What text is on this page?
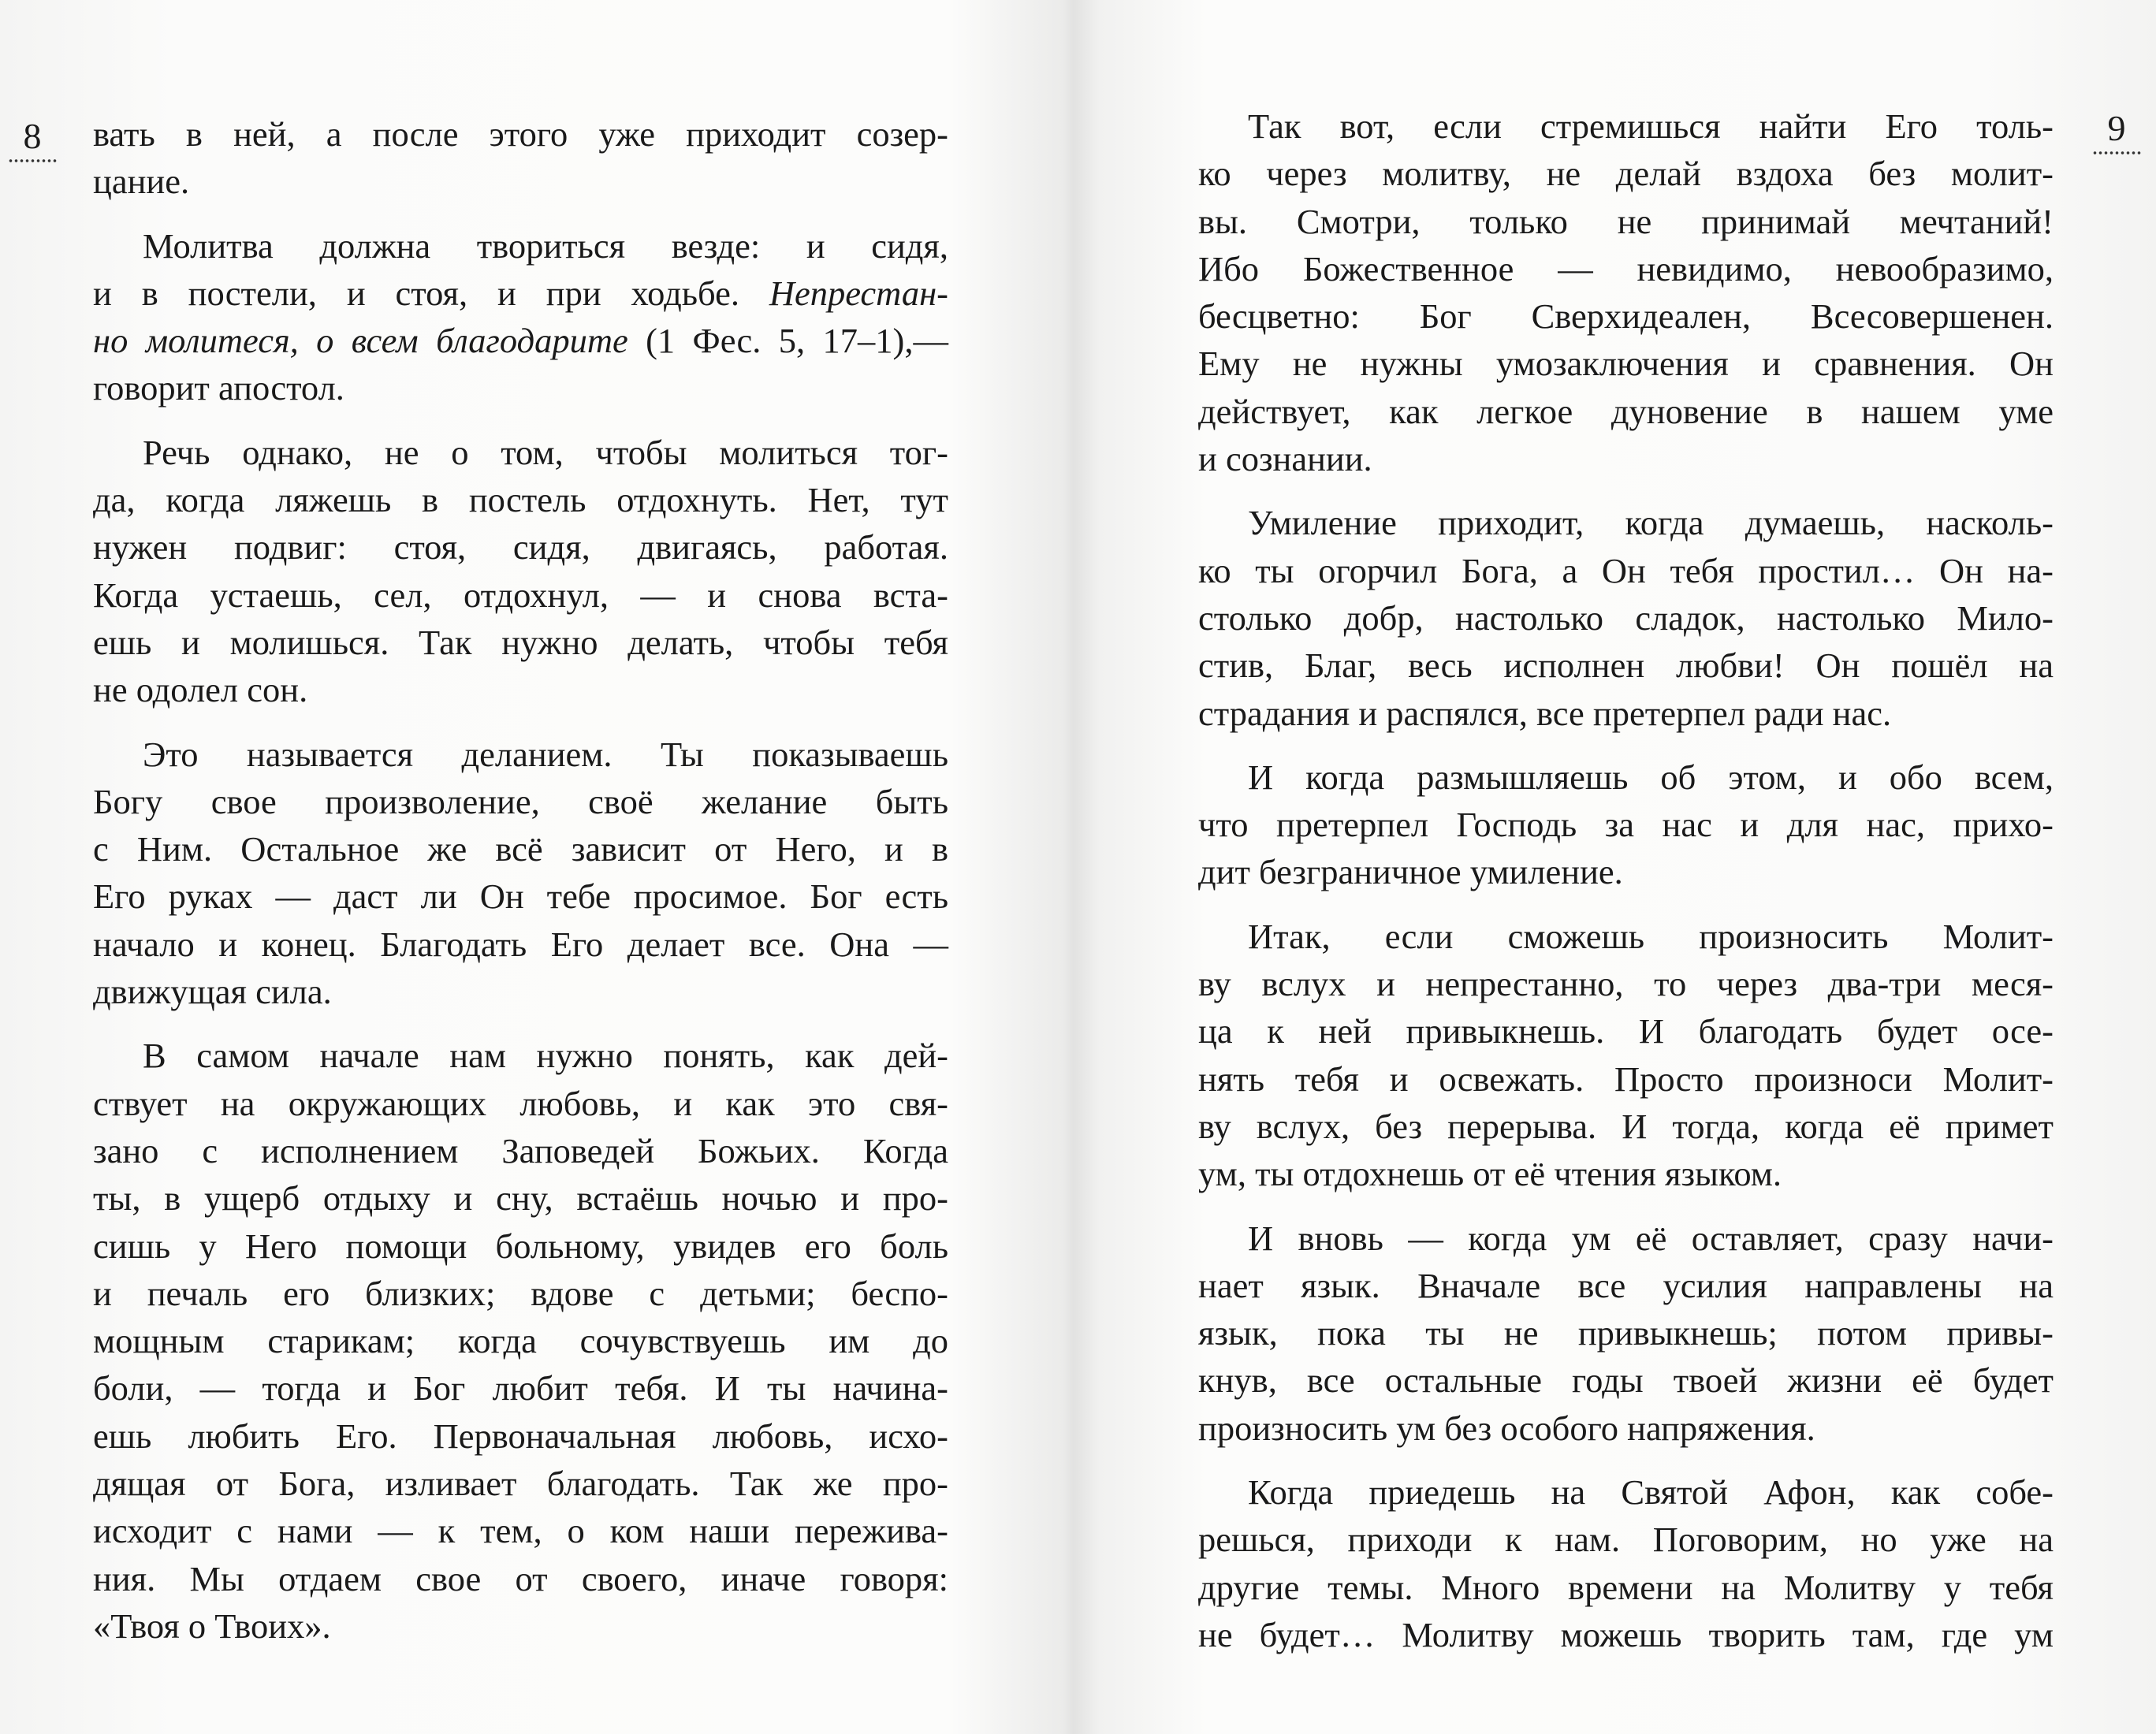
8	вать в ней, а после этого уже приходит созер-
цание.
Молитва должна твориться везде: и сидя,
и в постели, и стоя, и при ходьбе. Непрестан-
но молитеся, о всем благодарите (1 Фес. 5, 17–1),—
говорит апостол.
Речь однако, не о том, чтобы молиться тог-
да, когда ляжешь в постель отдохнуть. Нет, тут
нужен подвиг: стоя, сидя, двигаясь, работая.
Когда устаешь, сел, отдохнул, — и снова вста-
ешь и молишься. Так нужно делать, чтобы тебя
не одолел сон.
Это называется деланием. Ты показываешь
Богу свое произволение, своё желание быть
с Ним. Остальное же всё зависит от Него, и в
Его руках — даст ли Он тебе просимое. Бог есть
начало и конец. Благодать Его делает все. Она —
движущая сила.
В самом начале нам нужно понять, как дей-
ствует на окружающих любовь, и как это свя-
зано с исполнением Заповедей Божьих. Когда
ты, в ущерб отдыху и сну, встаёшь ночью и про-
сишь у Него помощи больному, увидев его боль
и печаль его близких; вдове с детьми; беспо-
мощным старикам; когда сочувствуешь им до
боли, — тогда и Бог любит тебя. И ты начина-
ешь любить Его. Первоначальная любовь, исхо-
дящая от Бога, изливает благодать. Так же про-
исходит с нами — к тем, о ком наши пережива-
ния. Мы отдаем свое от своего, иначе говоря:
«Твоя о Твоих».
9
Так вот, если стремишься найти Его толь-
ко через молитву, не делай вздоха без молит-
вы. Смотри, только не принимай мечтаний!
Ибо Божественное — невидимо, невообразимо,
бесцветно: Бог Сверхидеален, Всесовершенен.
Ему не нужны умозаключения и сравнения. Он
действует, как легкое дуновение в нашем уме
и сознании.
Умиление приходит, когда думаешь, насколь-
ко ты огорчил Бога, а Он тебя простил… Он на-
столько добр, настолько сладок, настолько Мило-
стив, Благ, весь исполнен любви! Он пошёл на
страдания и распялся, все претерпел ради нас.
И когда размышляешь об этом, и обо всем,
что претерпел Господь за нас и для нас, прихо-
дит безграничное умиление.
Итак, если сможешь произносить Молит-
ву вслух и непрестанно, то через два-три меся-
ца к ней привыкнешь. И благодать будет осе-
нять тебя и освежать. Просто произноси Молит-
ву вслух, без перерыва. И тогда, когда её примет
ум, ты отдохнешь от её чтения языком.
И вновь — когда ум её оставляет, сразу начи-
нает язык. Вначале все усилия направлены на
язык, пока ты не привыкнешь; потом привы-
кнув, все остальные годы твоей жизни её будет
произносить ум без особого напряжения.
Когда приедешь на Святой Афон, как собе-
решься, приходи к нам. Поговорим, но уже на
другие темы. Много времени на Молитву у тебя
не будет… Молитву можешь творить там, где ум
